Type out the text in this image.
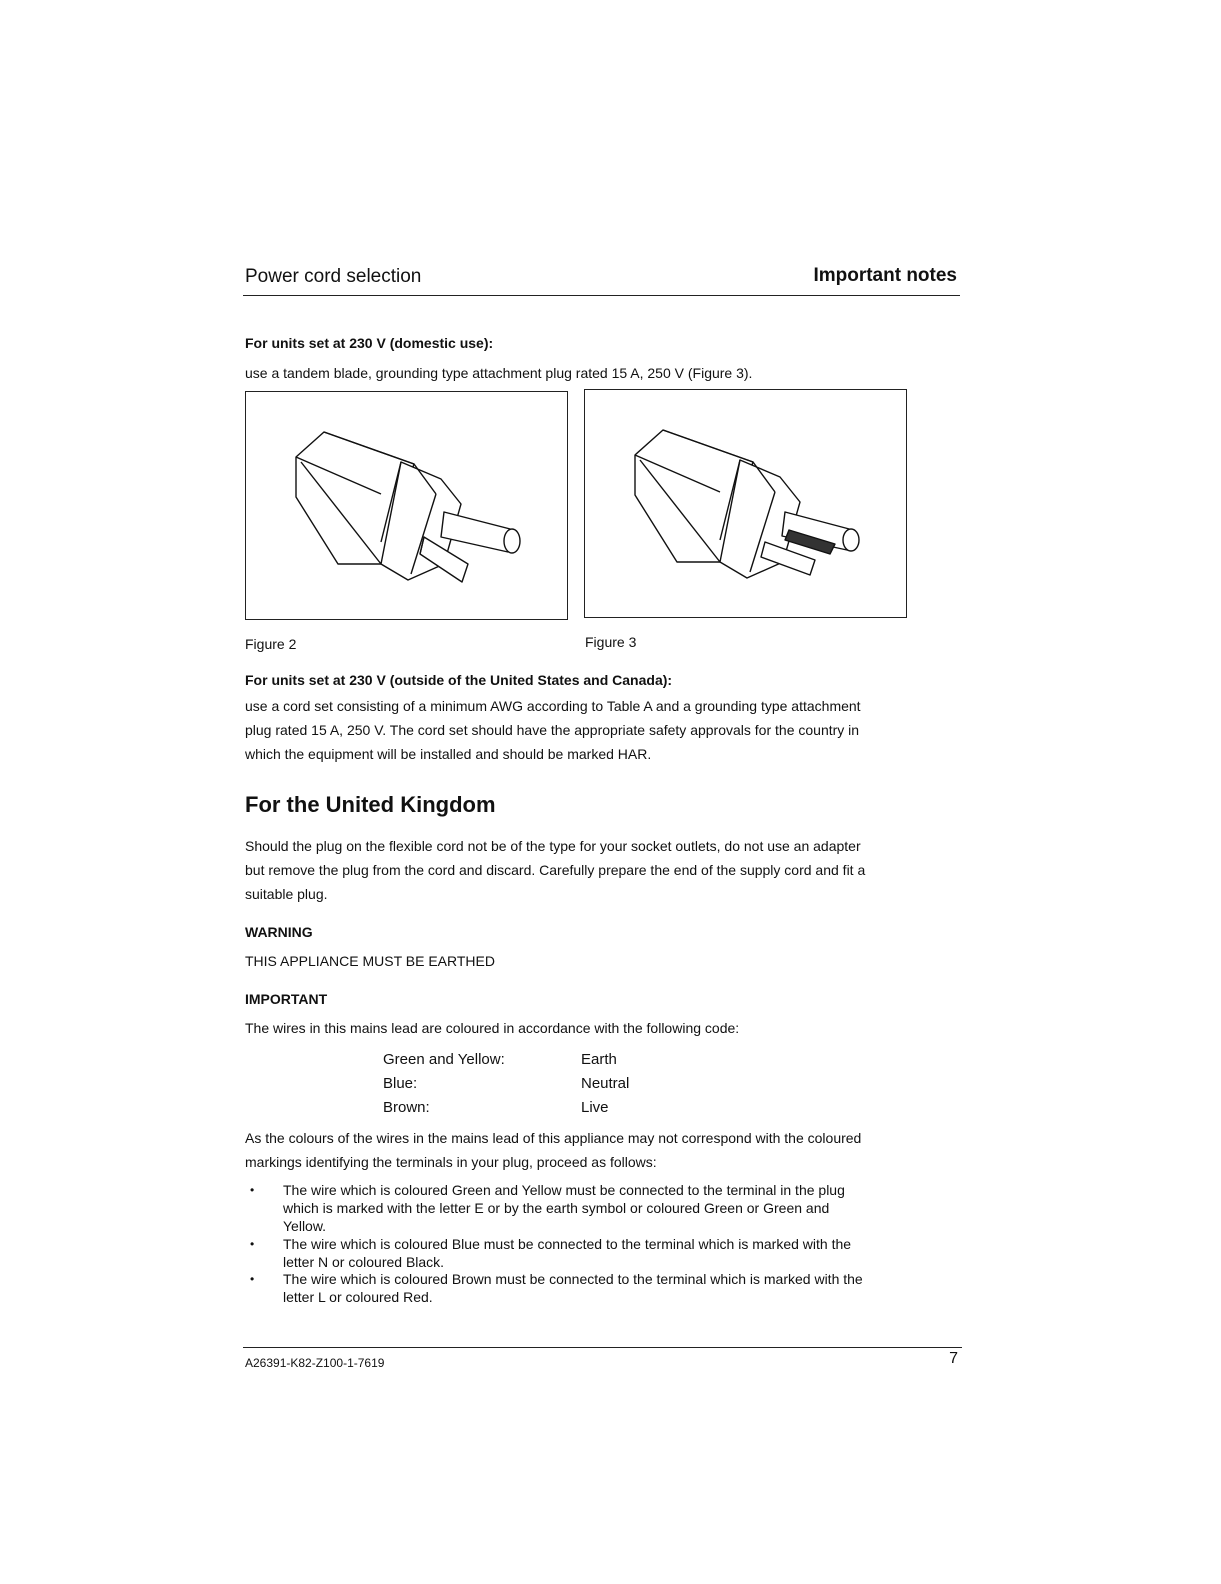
Power cord selection	Important notes
For units set at 230 V (domestic use):
use a tandem blade, grounding type attachment plug rated 15 A, 250 V (Figure 3).
Figure 2	Figure 3
For units set at 230 V (outside of the United States and Canada):
use a cord set consisting of a minimum AWG according to Table A and a grounding type attachment
plug rated 15 A, 250 V. The cord set should have the appropriate safety approvals for the country in
which the equipment will be installed and should be marked HAR.
For the United Kingdom
Should the plug on the flexible cord not be of the type for your socket outlets, do not use an adapter
but remove the plug from the cord and discard. Carefully prepare the end of the supply cord and fit a
suitable plug.
WARNING
THIS APPLIANCE MUST BE EARTHED
IMPORTANT
The wires in this mains lead are coloured in accordance with the following code:
Green and Yellow:	Earth
Blue:	Neutral
Brown:	Live
As the colours of the wires in the mains lead of this appliance may not correspond with the coloured
markings identifying the terminals in your plug, proceed as follows:
• The wire which is coloured Green and Yellow must be connected to the terminal in the plug
which is marked with the letter E or by the earth symbol or coloured Green or Green and
Yellow.
• The wire which is coloured Blue must be connected to the terminal which is marked with the
letter N or coloured Black.
• The wire which is coloured Brown must be connected to the terminal which is marked with the
letter L or coloured Red.
A26391-K82-Z100-1-7619	7
